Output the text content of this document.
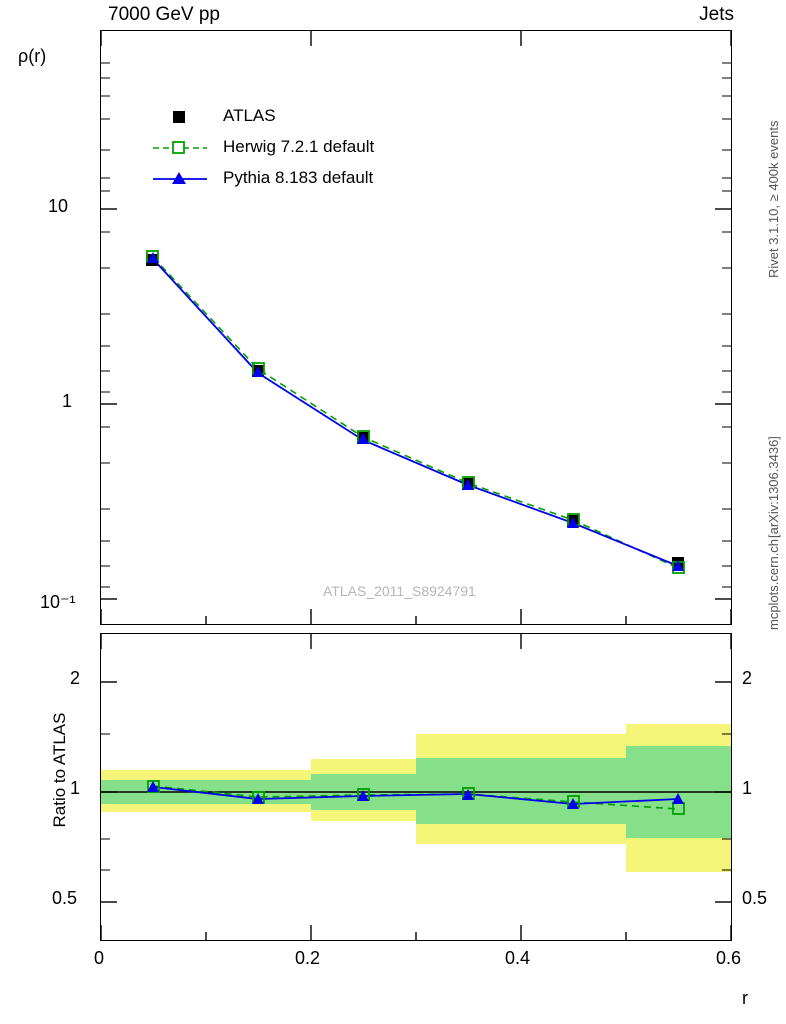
7000 GeV pp	Jets
ρ(r)
10
1
10⁻¹
ATLAS
Herwig 7.2.1 default
Pythia 8.183 default
ATLAS_2011_S8924791
2
1
0.5
2
1
0.5
Ratio to ATLAS
0	0.2	0.4	0.6
r
Rivet 3.1.10, ≥ 400k events
[arXiv:1306.3436]
mcplots.cern.ch
